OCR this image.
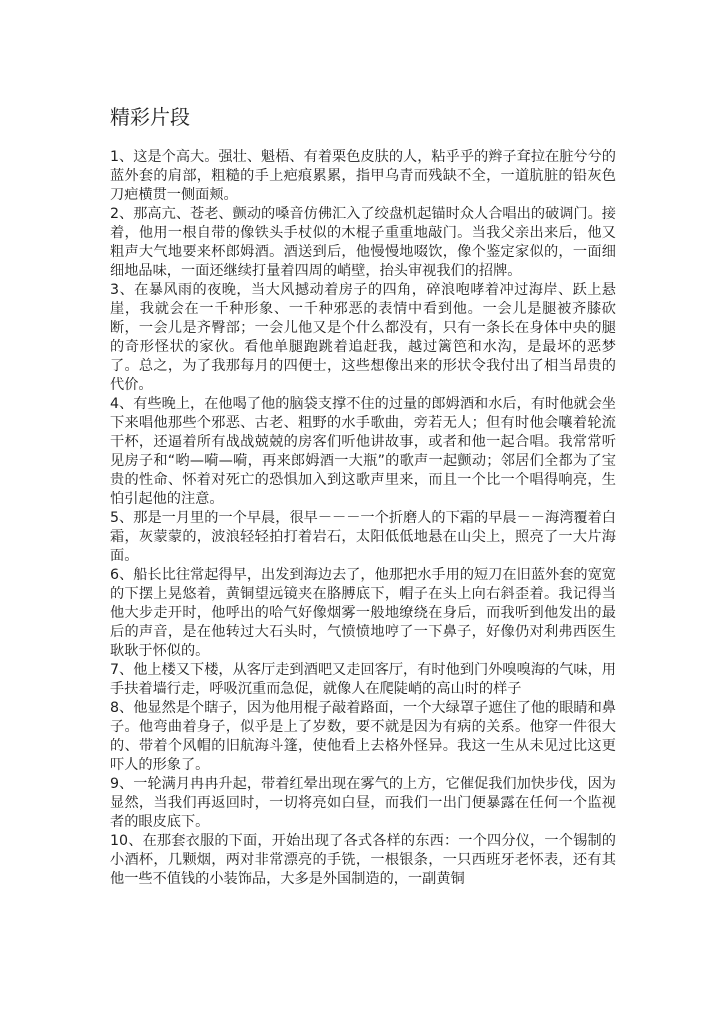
精彩片段

1、这是个高大。强壮、魁梧、有着栗色皮肤的人，粘乎乎的辫子耷拉在脏兮兮的蓝外套的肩部，粗糙的手上疤痕累累，指甲乌青而残缺不全，一道肮脏的铅灰色刀疤横贯一侧面颊。

2、那高亢、苍老、颤动的嗓音仿佛汇入了绞盘机起锚时众人合唱出的破调门。接着，他用一根自带的像铁头手杖似的木棍子重重地敲门。当我父亲出来后，他又粗声大气地要来杯郎姆酒。酒送到后，他慢慢地啜饮，像个鉴定家似的，一面细细地品味，一面还继续打量着四周的峭壁，抬头审视我们的招牌。

3、在暴风雨的夜晚，当大风撼动着房子的四角，碎浪咆哮着冲过海岸、跃上悬崖，我就会在一千种形象、一千种邪恶的表情中看到他。一会儿是腿被齐膝砍断，一会儿是齐臀部；一会儿他又是个什么都没有，只有一条长在身体中央的腿的奇形怪状的家伙。看他单腿跑跳着追赶我，越过篱笆和水沟，是最坏的恶梦了。总之，为了我那每月的四便士，这些想像出来的形状令我付出了相当昂贵的代价。

4、有些晚上，在他喝了他的脑袋支撑不住的过量的郎姆酒和水后，有时他就会坐下来唱他那些个邪恶、古老、粗野的水手歌曲，旁若无人；但有时他会嚷着轮流干杯，还逼着所有战战兢兢的房客们听他讲故事，或者和他一起合唱。我常常听见房子和“哟—嗬—嗬，再来郎姆酒一大瓶”的歌声一起颤动；邻居们全都为了宝贵的性命、怀着对死亡的恐惧加入到这歌声里来，而且一个比一个唱得响亮，生怕引起他的注意。

5、那是一月里的一个早晨，很早－－－一个折磨人的下霜的早晨－－海湾覆着白霜，灰蒙蒙的，波浪轻轻拍打着岩石，太阳低低地悬在山尖上，照亮了一大片海面。

6、船长比往常起得早，出发到海边去了，他那把水手用的短刀在旧蓝外套的宽宽的下摆上晃悠着，黄铜望远镜夹在胳膊底下，帽子在头上向右斜歪着。我记得当他大步走开时，他呼出的哈气好像烟雾一般地缭绕在身后，而我听到他发出的最后的声音，是在他转过大石头时，气愤愤地哼了一下鼻子，好像仍对利弗西医生耿耿于怀似的。

7、他上楼又下楼，从客厅走到酒吧又走回客厅，有时他到门外嗅嗅海的气味，用手扶着墙行走，呼吸沉重而急促，就像人在爬陡峭的高山时的样子

8、他显然是个瞎子，因为他用棍子敲着路面，一个大绿罩子遮住了他的眼睛和鼻子。他弯曲着身子，似乎是上了岁数，要不就是因为有病的关系。他穿一件很大的、带着个风帽的旧航海斗篷，使他看上去格外怪异。我这一生从未见过比这更吓人的形象了。

9、一轮满月冉冉升起，带着红晕出现在雾气的上方，它催促我们加快步伐，因为显然，当我们再返回时，一切将亮如白昼，而我们一出门便暴露在任何一个监视者的眼皮底下。

10、在那套衣服的下面，开始出现了各式各样的东西：一个四分仪，一个锡制的小酒杯，几颗烟，两对非常漂亮的手铣，一根银条，一只西班牙老怀表，还有其他一些不值钱的小装饰品，大多是外国制造的，一副黄铜
